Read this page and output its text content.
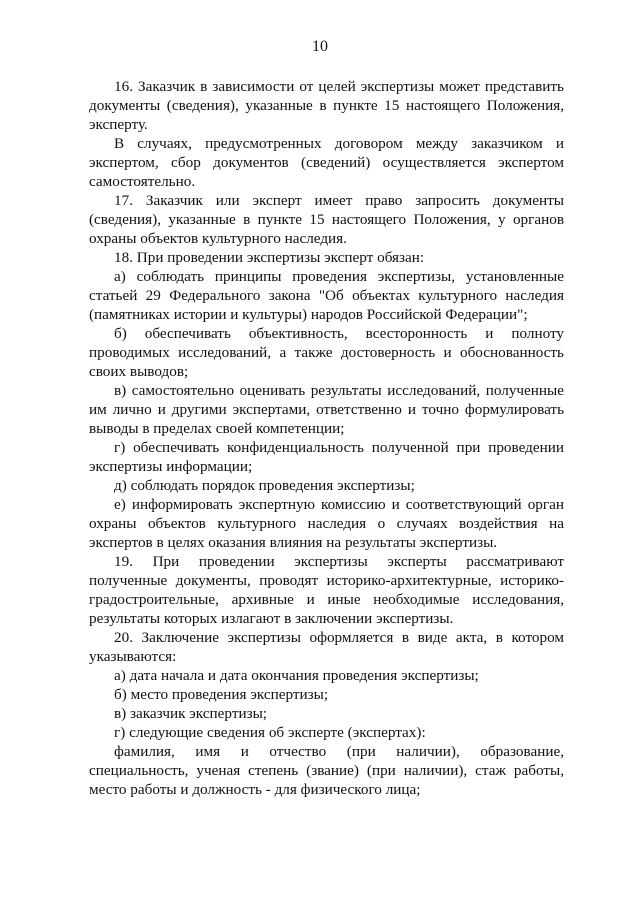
10

16. Заказчик в зависимости от целей экспертизы может представить документы (сведения), указанные в пункте 15 настоящего Положения, эксперту.

В случаях, предусмотренных договором между заказчиком и экспертом, сбор документов (сведений) осуществляется экспертом самостоятельно.

17. Заказчик или эксперт имеет право запросить документы (сведения), указанные в пункте 15 настоящего Положения, у органов охраны объектов культурного наследия.

18. При проведении экспертизы эксперт обязан:

а) соблюдать принципы проведения экспертизы, установленные статьей 29 Федерального закона "Об объектах культурного наследия (памятниках истории и культуры) народов Российской Федерации";

б) обеспечивать объективность, всесторонность и полноту проводимых исследований, а также достоверность и обоснованность своих выводов;

в) самостоятельно оценивать результаты исследований, полученные им лично и другими экспертами, ответственно и точно формулировать выводы в пределах своей компетенции;

г) обеспечивать конфиденциальность полученной при проведении экспертизы информации;

д) соблюдать порядок проведения экспертизы;

е) информировать экспертную комиссию и соответствующий орган охраны объектов культурного наследия о случаях воздействия на экспертов в целях оказания влияния на результаты экспертизы.

19. При проведении экспертизы эксперты рассматривают полученные документы, проводят историко-архитектурные, историко-градостроительные, архивные и иные необходимые исследования, результаты которых излагают в заключении экспертизы.

20. Заключение экспертизы оформляется в виде акта, в котором указываются:

а) дата начала и дата окончания проведения экспертизы;

б) место проведения экспертизы;

в) заказчик экспертизы;

г) следующие сведения об эксперте (экспертах):

фамилия, имя и отчество (при наличии), образование, специальность, ученая степень (звание) (при наличии), стаж работы, место работы и должность - для физического лица;
